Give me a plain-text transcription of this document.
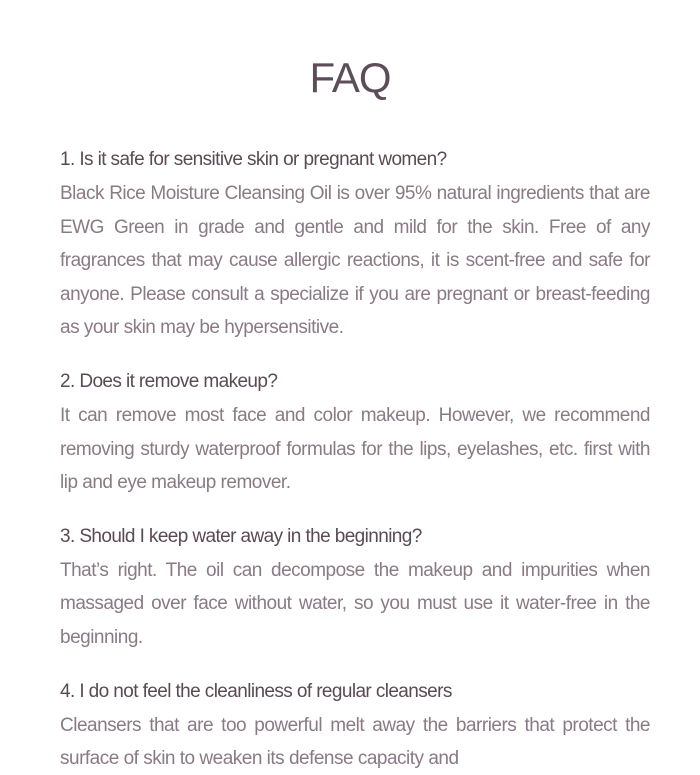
FAQ
1. Is it safe for sensitive skin or pregnant women?
Black Rice Moisture Cleansing Oil is over 95% natural ingredients that are EWG Green in grade and gentle and mild for the skin. Free of any fragrances that may cause allergic reactions, it is scent-free and safe for anyone. Please consult a specialize if you are pregnant or breast-feeding as your skin may be hypersensitive.
2. Does it remove makeup?
It can remove most face and color makeup. However, we recommend removing sturdy waterproof formulas for the lips, eyelashes, etc. first with lip and eye makeup remover.
3. Should I keep water away in the beginning?
That’s right. The oil can decompose the makeup and impurities when massaged over face without water, so you must use it water-free in the beginning.
4. I do not feel the cleanliness of regular cleansers
Cleansers that are too powerful melt away the barriers that protect the surface of skin to weaken its defense capacity and
